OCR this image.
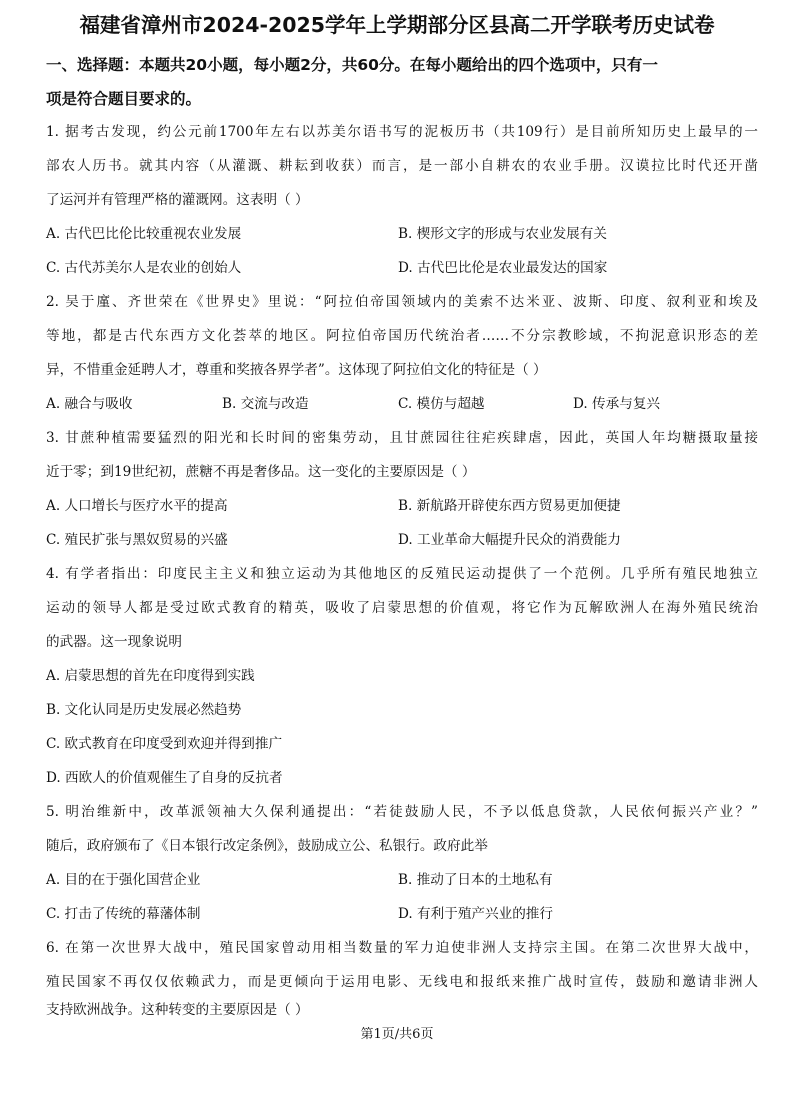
福建省漳州市2024-2025学年上学期部分区县高二开学联考历史试卷
一、选择题：本题共20小题，每小题2分，共60分。在每小题给出的四个选项中，只有一
项是符合题目要求的。
1. 据考古发现，约公元前1700年左右以苏美尔语书写的泥板历书（共109行）是目前所知历史上最早的一
部农人历书。就其内容（从灌溉、耕耘到收获）而言，是一部小自耕农的农业手册。汉谟拉比时代还开凿
了运河并有管理严格的灌溉网。这表明（ ）
A. 古代巴比伦比较重视农业发展	B. 楔形文字的形成与农业发展有关
C. 古代苏美尔人是农业的创始人	D. 古代巴比伦是农业最发达的国家
2. 吴于廑、齐世荣在《世界史》里说：“阿拉伯帝国领域内的美索不达米亚、波斯、印度、叙利亚和埃及
等地，都是古代东西方文化荟萃的地区。阿拉伯帝国历代统治者……不分宗教畛域，不拘泥意识形态的差
异，不惜重金延聘人才，尊重和奖掖各界学者”。这体现了阿拉伯文化的特征是（ ）
A. 融合与吸收	B. 交流与改造	C. 模仿与超越	D. 传承与复兴
3. 甘蔗种植需要猛烈的阳光和长时间的密集劳动，且甘蔗园往往疟疾肆虐，因此，英国人年均糖摄取量接
近于零；到19世纪初，蔗糖不再是奢侈品。这一变化的主要原因是（ ）
A. 人口增长与医疗水平的提高	B. 新航路开辟使东西方贸易更加便捷
C. 殖民扩张与黑奴贸易的兴盛	D. 工业革命大幅提升民众的消费能力
4. 有学者指出：印度民主主义和独立运动为其他地区的反殖民运动提供了一个范例。几乎所有殖民地独立
运动的领导人都是受过欧式教育的精英，吸收了启蒙思想的价值观，将它作为瓦解欧洲人在海外殖民统治
的武器。这一现象说明
A. 启蒙思想的首先在印度得到实践
B. 文化认同是历史发展必然趋势
C. 欧式教育在印度受到欢迎并得到推广
D. 西欧人的价值观催生了自身的反抗者
5. 明治维新中，改革派领袖大久保利通提出：“若徒鼓励人民，不予以低息贷款，人民依何振兴产业？”
随后，政府颁布了《日本银行改定条例》，鼓励成立公、私银行。政府此举
A. 目的在于强化国营企业	B. 推动了日本的土地私有
C. 打击了传统的幕藩体制	D. 有利于殖产兴业的推行
6. 在第一次世界大战中，殖民国家曾动用相当数量的军力迫使非洲人支持宗主国。在第二次世界大战中，
殖民国家不再仅仅依赖武力，而是更倾向于运用电影、无线电和报纸来推广战时宣传，鼓励和邀请非洲人
支持欧洲战争。这种转变的主要原因是（ ）
第1页/共6页
